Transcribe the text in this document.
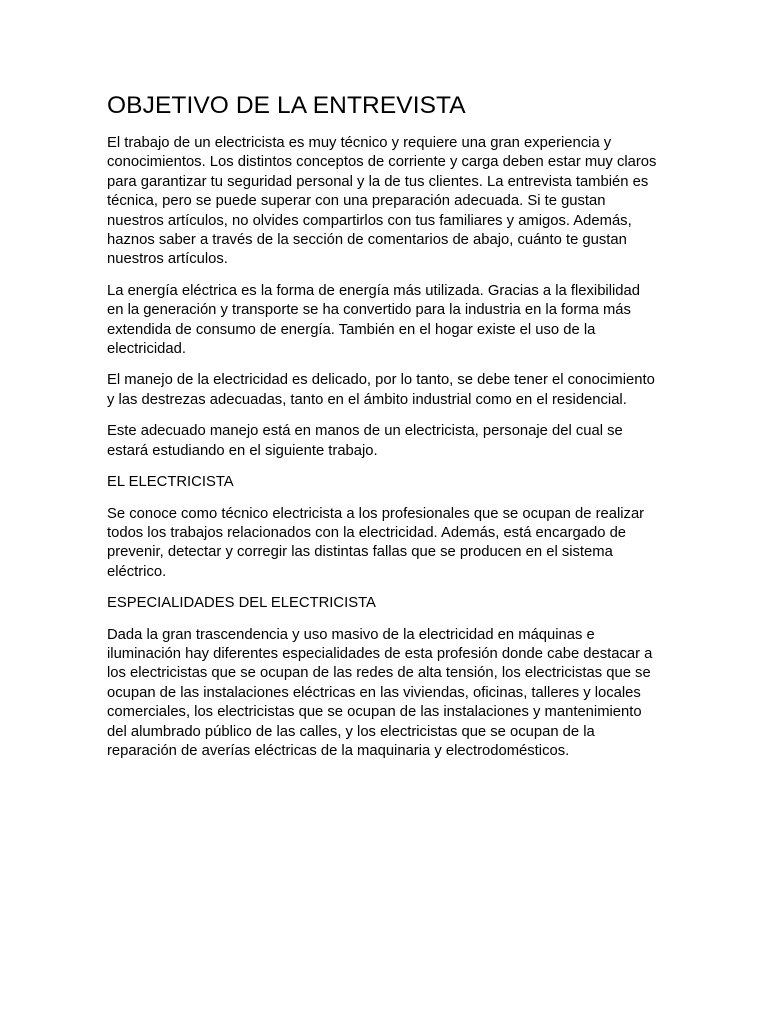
OBJETIVO DE LA ENTREVISTA

El trabajo de un electricista es muy técnico y requiere una gran experiencia y conocimientos. Los distintos conceptos de corriente y carga deben estar muy claros para garantizar tu seguridad personal y la de tus clientes. La entrevista también es técnica, pero se puede superar con una preparación adecuada. Si te gustan nuestros artículos, no olvides compartirlos con tus familiares y amigos. Además, haznos saber a través de la sección de comentarios de abajo, cuánto te gustan nuestros artículos.

La energía eléctrica es la forma de energía más utilizada. Gracias a la flexibilidad en la generación y transporte se ha convertido para la industria en la forma más extendida de consumo de energía. También en el hogar existe el uso de la electricidad.

El manejo de la electricidad es delicado, por lo tanto, se debe tener el conocimiento y las destrezas adecuadas, tanto en el ámbito industrial como en el residencial.

Este adecuado manejo está en manos de un electricista, personaje del cual se estará estudiando en el siguiente trabajo.

EL ELECTRICISTA

Se conoce como técnico electricista a los profesionales que se ocupan de realizar todos los trabajos relacionados con la electricidad. Además, está encargado de prevenir, detectar y corregir las distintas fallas que se producen en el sistema eléctrico.

ESPECIALIDADES DEL ELECTRICISTA

Dada la gran trascendencia y uso masivo de la electricidad en máquinas e iluminación hay diferentes especialidades de esta profesión donde cabe destacar a los electricistas que se ocupan de las redes de alta tensión, los electricistas que se ocupan de las instalaciones eléctricas en las viviendas, oficinas, talleres y locales comerciales, los electricistas que se ocupan de las instalaciones y mantenimiento del alumbrado público de las calles, y los electricistas que se ocupan de la reparación de averías eléctricas de la maquinaria y electrodomésticos.
